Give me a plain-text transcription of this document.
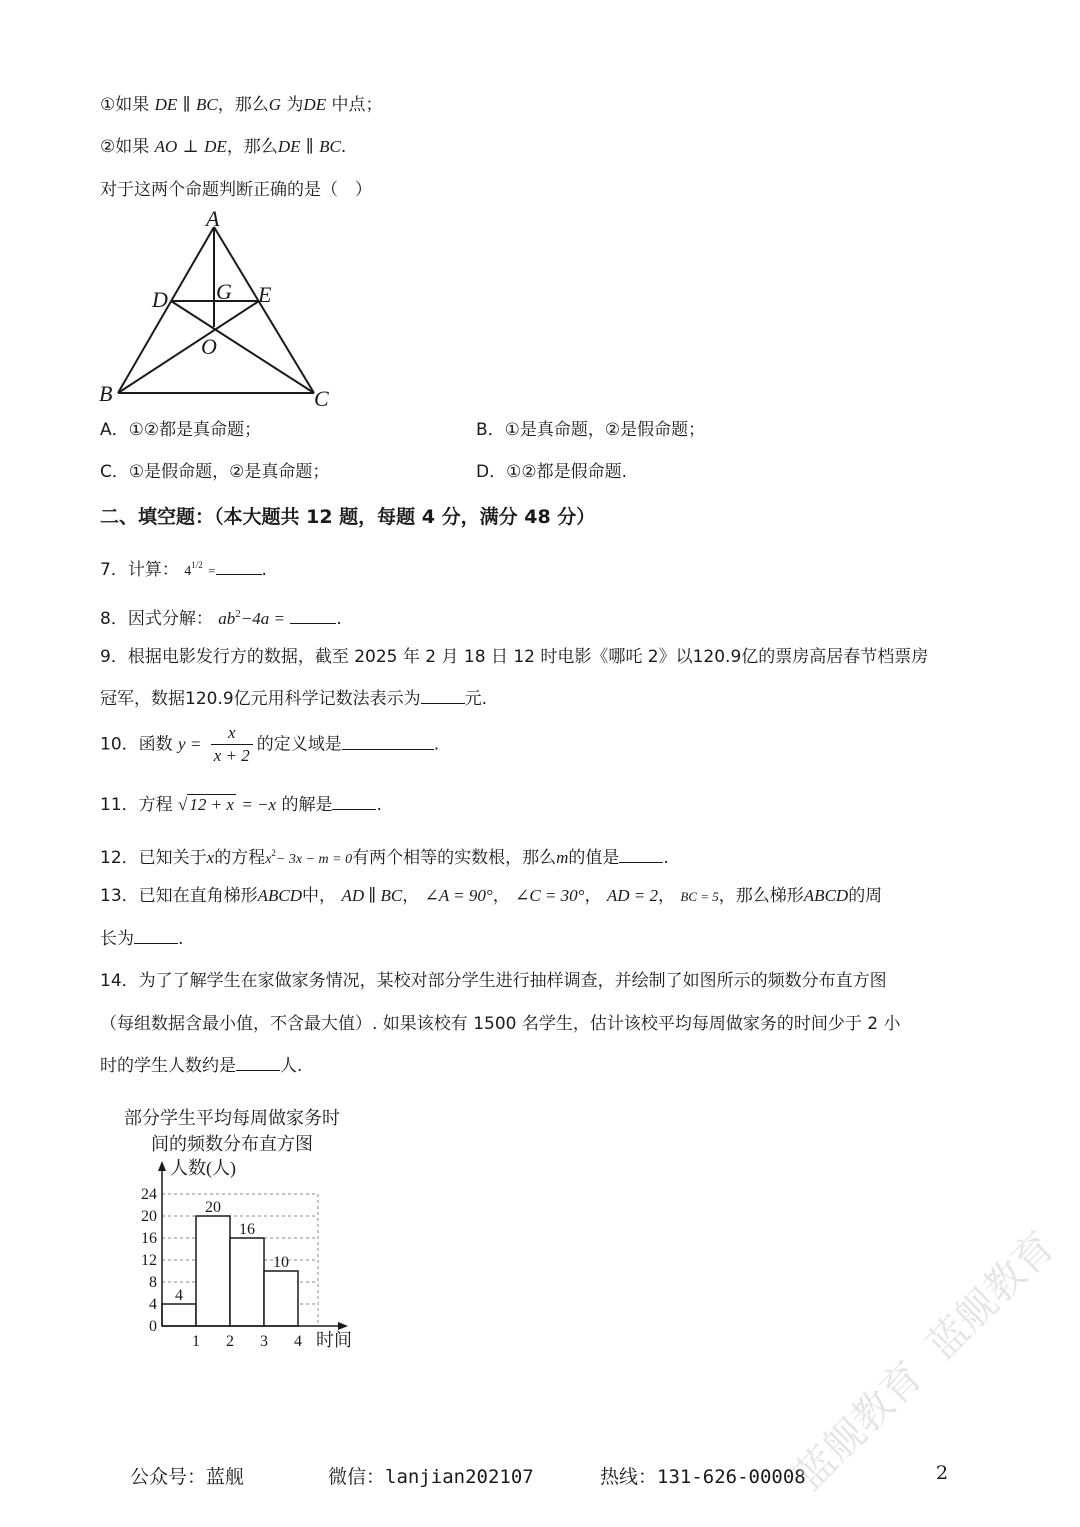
①如果 DE ∥ BC，那么G 为DE 中点；
②如果 AO ⊥ DE，那么DE ∥ BC.
对于这两个命题判断正确的是（　）
A
D G E
O
B	C
A．①②都是真命题；	B．①是真命题，②是假命题；
C．①是假命题，②是真命题；	D．①②都是假命题.
二、填空题：（本大题共 12 题，每题 4 分，满分 48 分）
7．计算： $4^{1/2}$ =	.
8．因式分解： $ab^2-4a$ =	.
9．根据电影发行方的数据，截至 2025 年 2 月 18 日 12 时电影《哪吒 2》以120.9亿的票房高居春节档票房
冠军，数据120.9亿元用科学记数法表示为	元.
10．函数 $y = \frac{x}{x + 2}$ 的定义域是	.
11．方程 √ 12 + x = −x 的解是	.
12．已知关于x的方程$x^2- 3x - m = 0$有两个相等的实数根，那么m的值是	.
13．已知在直角梯形ABCD中， AD ∥ BC， ∠A = 90°， ∠C = 30°， AD = 2， BC = 5，那么梯形ABCD的周
长为	.
14．为了了解学生在家做家务情况，某校对部分学生进行抽样调查，并绘制了如图所示的频数分布直方图
（每组数据含最小值，不含最大值）. 如果该校有 1500 名学生，估计该校平均每周做家务的时间少于 2 小
时的学生人数约是	人.
部分学生平均每周做家务时
间的频数分布直方图
4
20
16
10
0
4
8
12
16
20
24
1 2 3 4
人数(人)
时间
公众号：蓝舰	微信：lanjian202107	热线：131-626-00008	2
蓝舰教育
蓝舰教育
